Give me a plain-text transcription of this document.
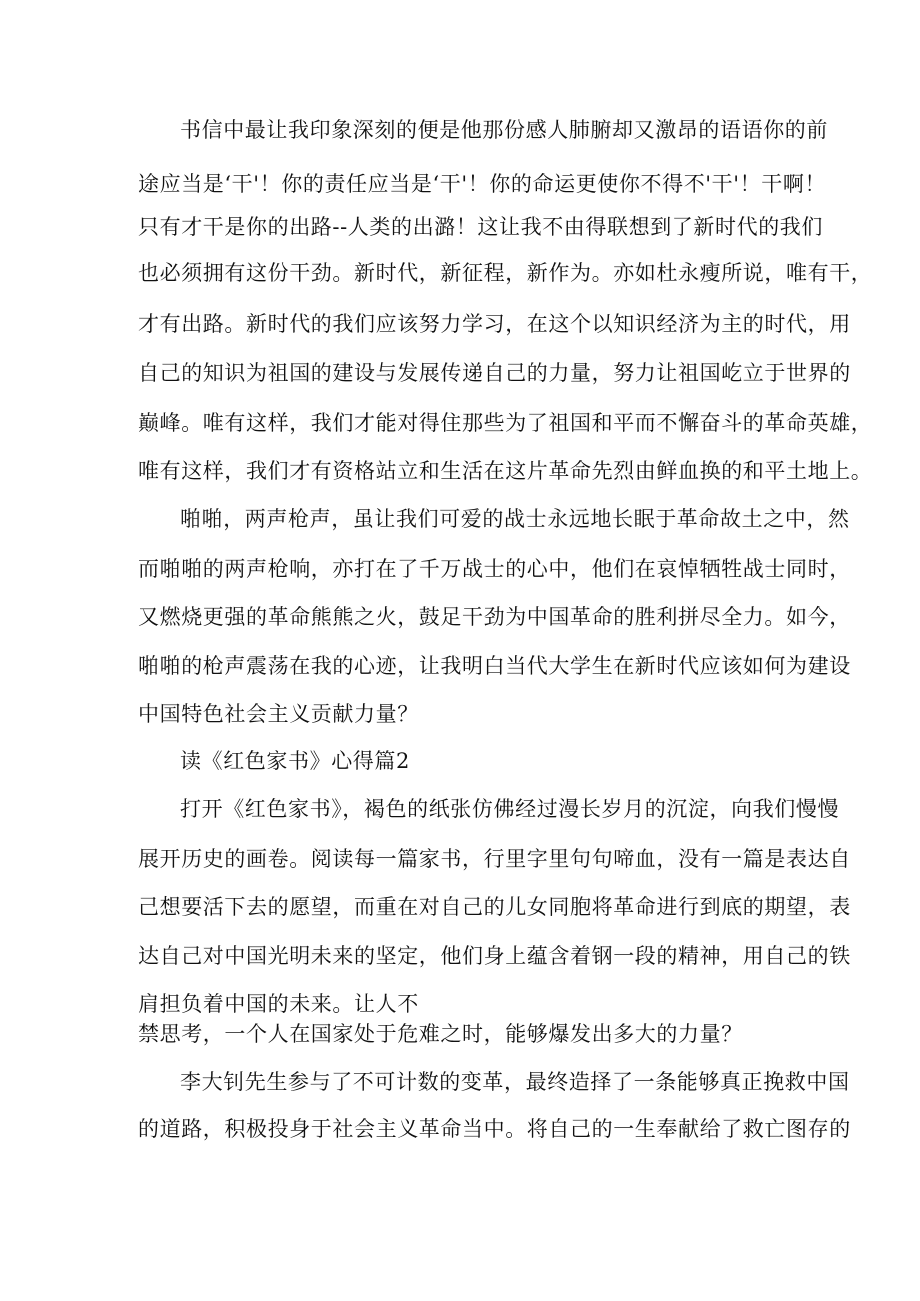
书信中最让我印象深刻的便是他那份感人肺腑却又激昂的语语你的前
途应当是‘干'！你的责任应当是‘干'！你的命运更使你不得不'干'！干啊！
只有才干是你的出路--人类的出潞！这让我不由得联想到了新时代的我们
也必须拥有这份干劲。新时代，新征程，新作为。亦如杜永瘦所说，唯有干，
才有出路。新时代的我们应该努力学习，在这个以知识经济为主的时代，用
自己的知识为祖国的建设与发展传递自己的力量，努力让祖国屹立于世界的
巅峰。唯有这样，我们才能对得住那些为了祖国和平而不懈奋斗的革命英雄，
唯有这样，我们才有资格站立和生活在这片革命先烈由鲜血换的和平土地上。
啪啪，两声枪声，虽让我们可爱的战士永远地长眠于革命故土之中，然
而啪啪的两声枪响，亦打在了千万战士的心中，他们在哀悼牺牲战士同时，
又燃烧更强的革命熊熊之火，鼓足干劲为中国革命的胜利拼尽全力。如今，
啪啪的枪声震荡在我的心迹，让我明白当代大学生在新时代应该如何为建设
中国特色社会主义贡献力量？
读《红色家书》心得篇2
打开《红色家书》，褐色的纸张仿佛经过漫长岁月的沉淀，向我们慢慢
展开历史的画卷。阅读每一篇家书，行里字里句句啼血，没有一篇是表达自
己想要活下去的愿望，而重在对自己的儿女同胞将革命进行到底的期望，表
达自己对中国光明未来的坚定，他们身上蕴含着钢一段的精神，用自己的铁
肩担负着中国的未来。让人不
禁思考，一个人在国家处于危难之时，能够爆发出多大的力量？
李大钊先生参与了不可计数的变革，最终造择了一条能够真正挽救中国
的道路，积极投身于社会主义革命当中。将自己的一生奉献给了救亡图存的
